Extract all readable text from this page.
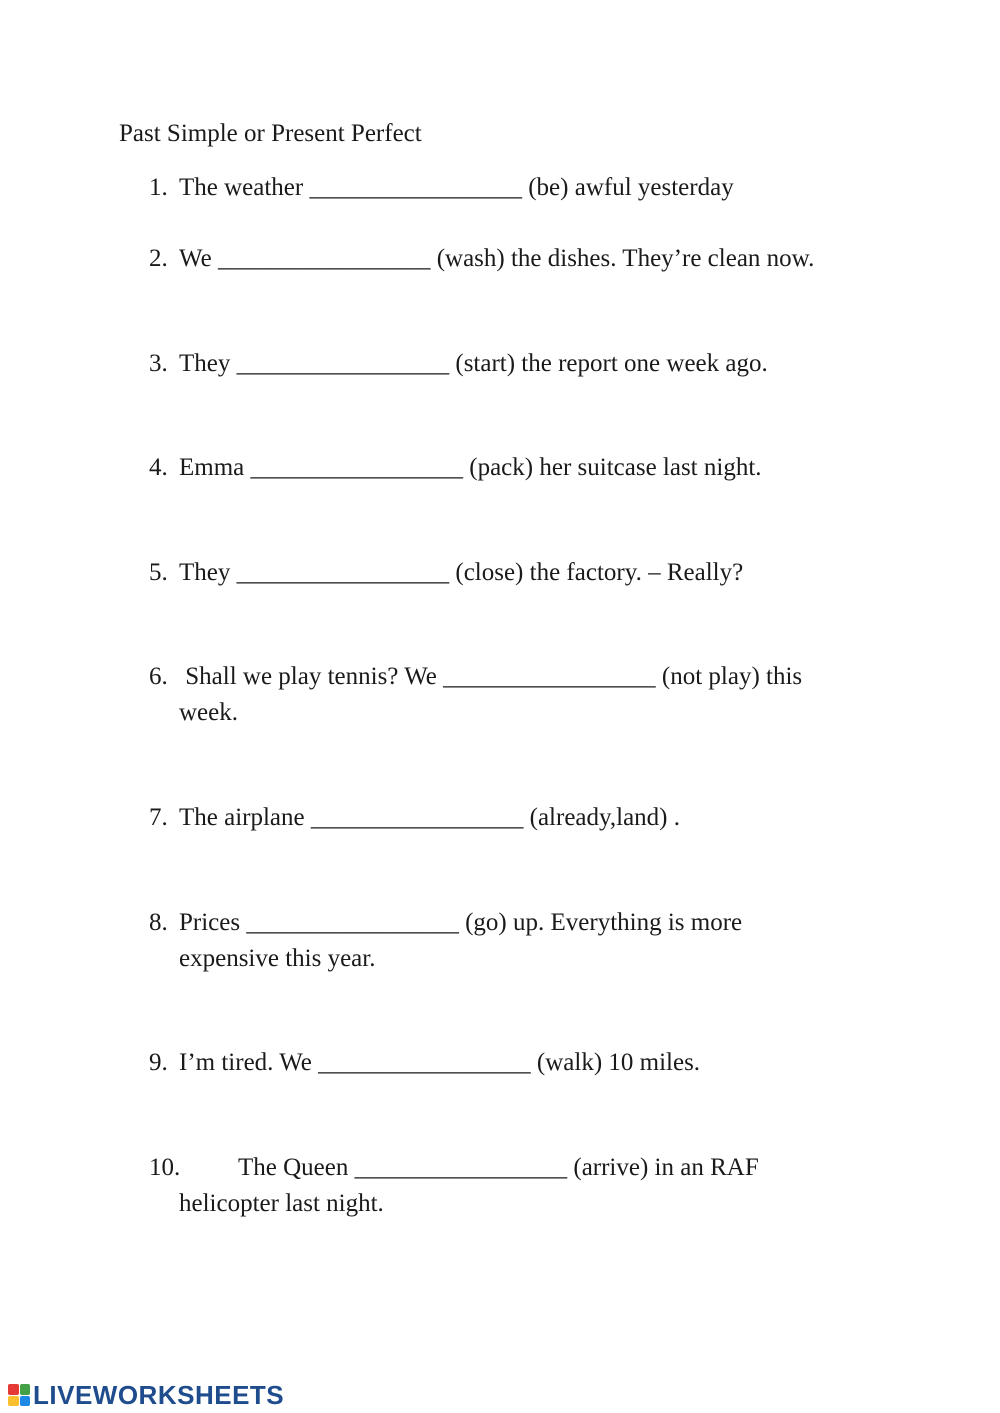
Past Simple or Present Perfect
1. The weather _________________ (be) awful yesterday
2. We _________________ (wash) the dishes. They’re clean now.
3. They _________________ (start) the report one week ago.
4. Emma _________________ (pack) her suitcase last night.
5. They _________________ (close) the factory. – Really?
6. Shall we play tennis? We _________________ (not play) this
week.
7. The airplane _________________ (already,land) .
8. Prices _________________ (go) up. Everything is more
expensive this year.
9. I’m tired. We _________________ (walk) 10 miles.
10. The Queen _________________ (arrive) in an RAF
helicopter last night.
LIVEWORKSHEETS
